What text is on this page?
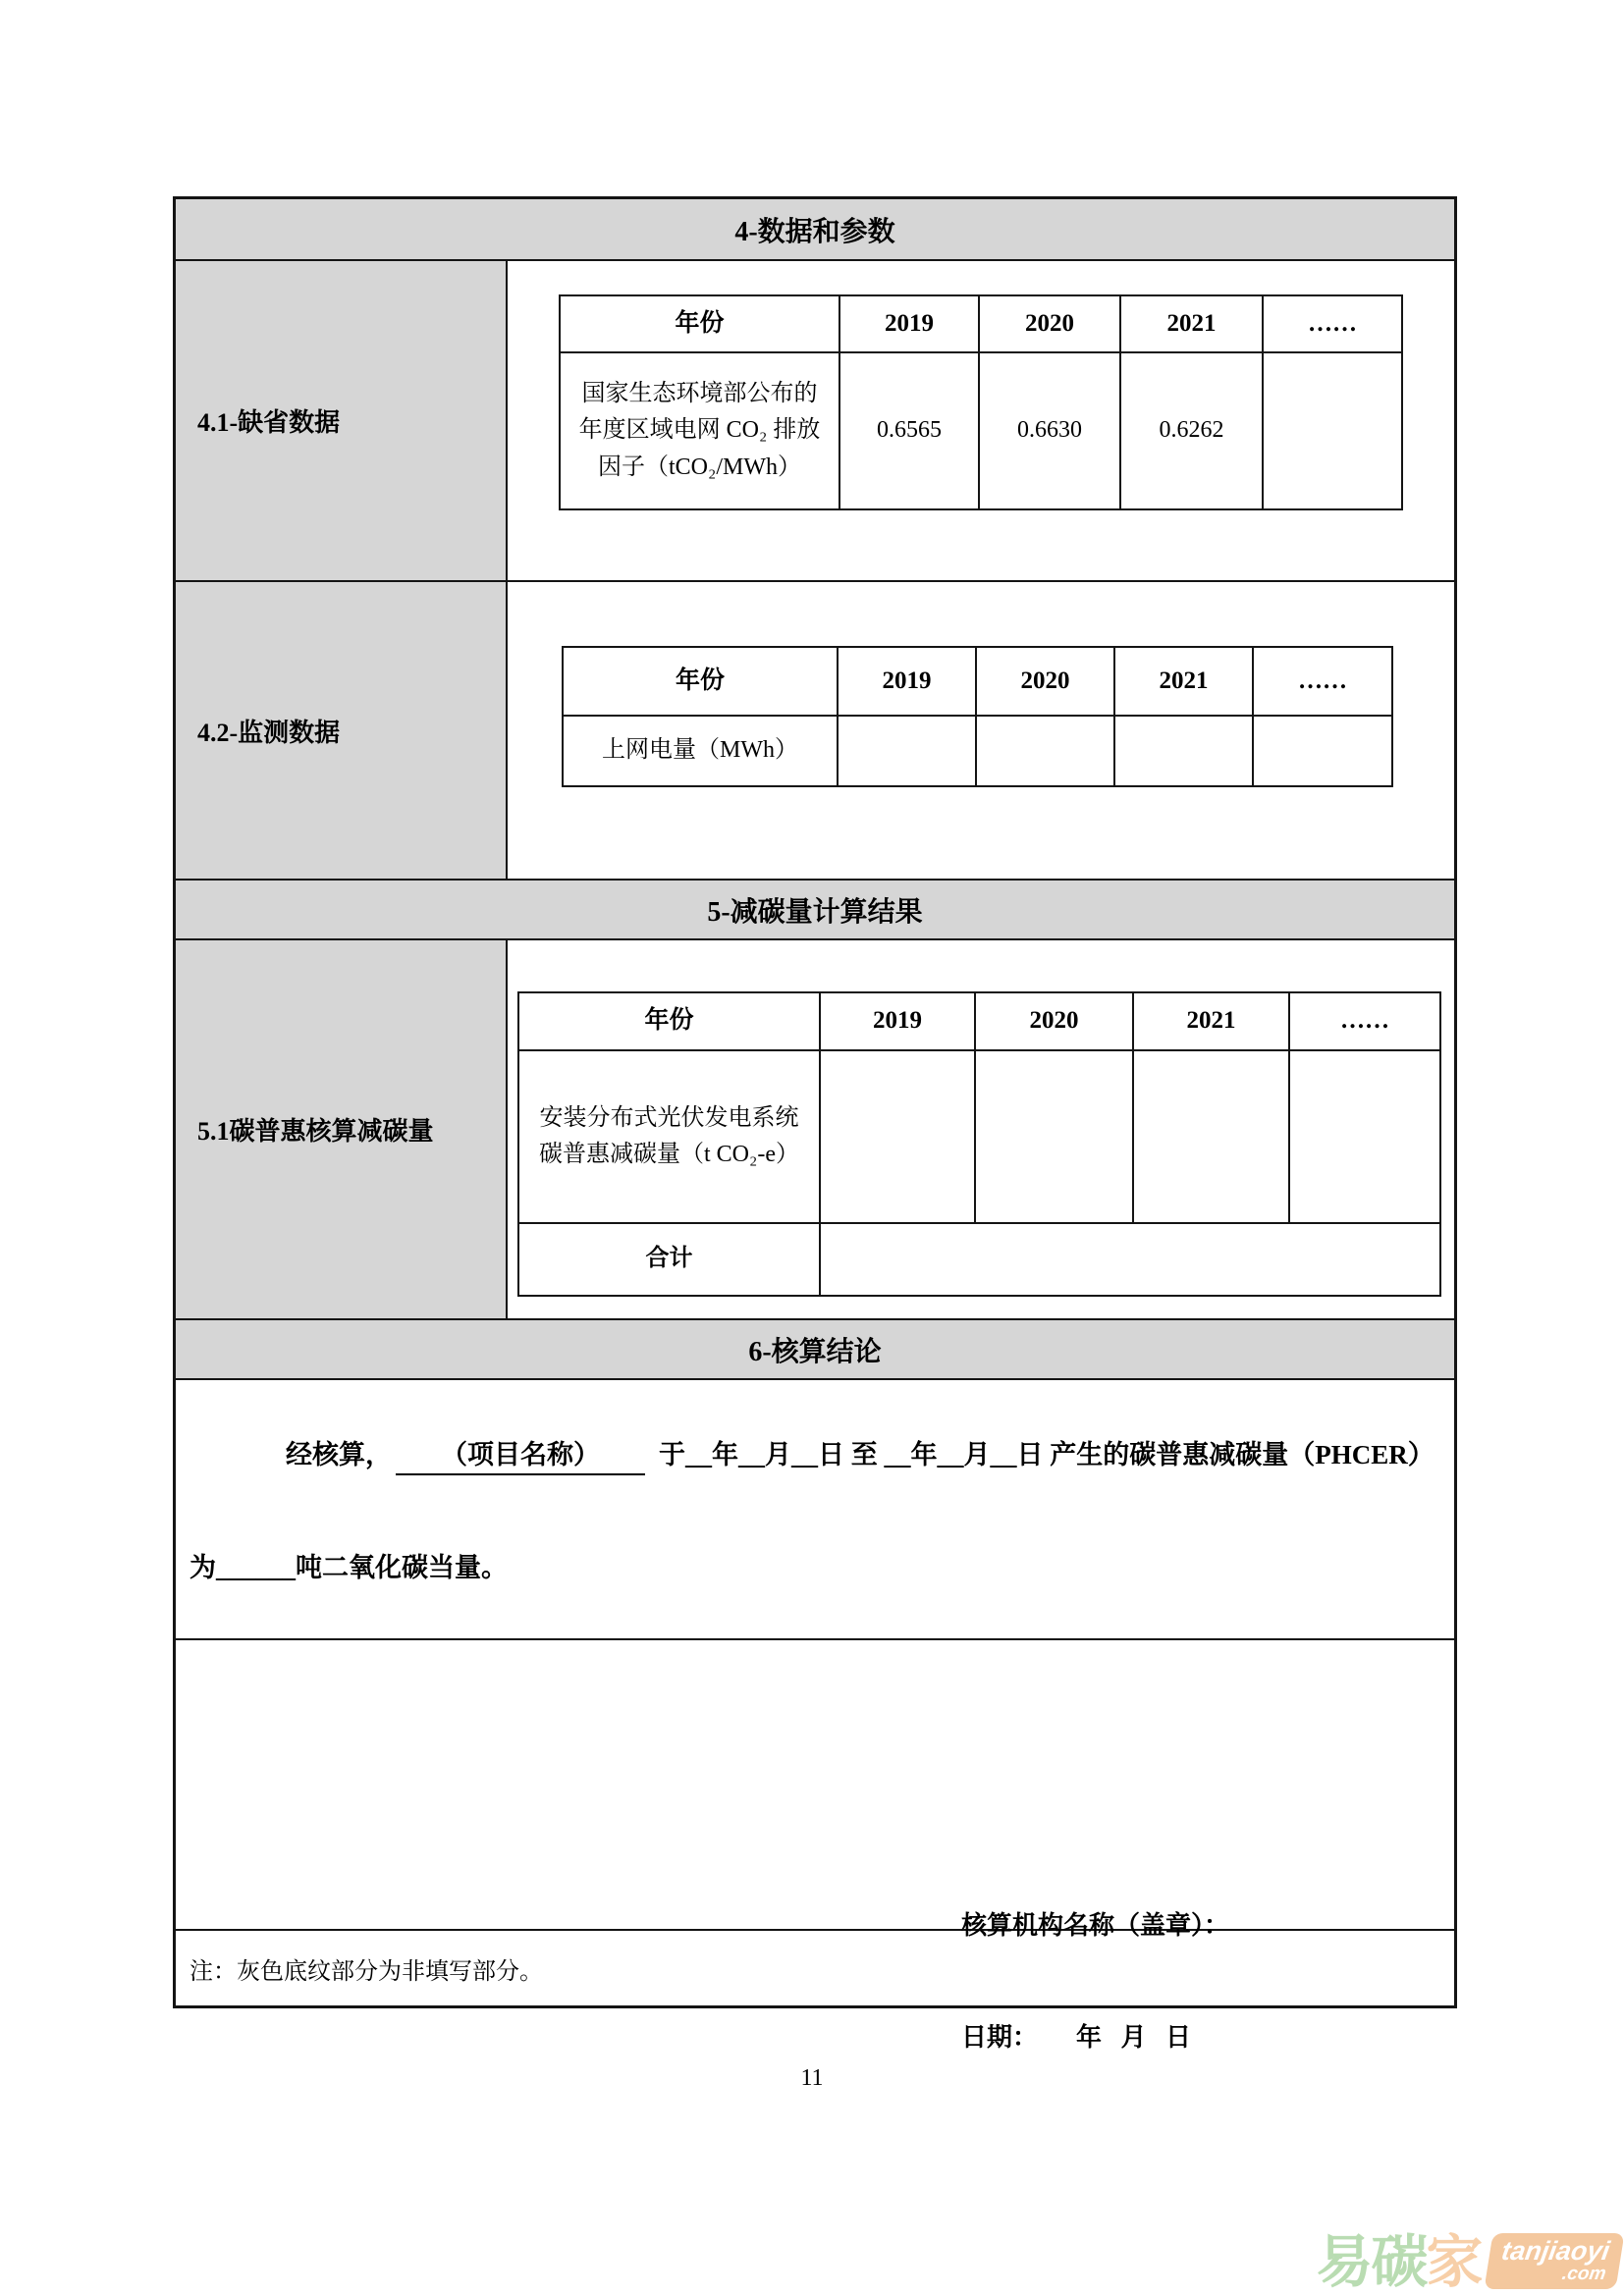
4-数据和参数
4.1-缺省数据
年份	2019	2020	2021	……
国家生态环境部公布的年度区域电网 CO₂ 排放因子（tCO₂/MWh）	0.6565	0.6630	0.6262	
4.2-监测数据
年份	2019	2020	2021	……
上网电量（MWh）				
5-减碳量计算结果
5.1碳普惠核算减碳量
年份	2019	2020	2021	……
安装分布式光伏发电系统碳普惠减碳量（t CO₂-e）				
合计				
6-核算结论
经核算， （项目名称） 于__年__月__日 至 __年__月__日 产生的碳普惠减碳量（PHCER）
为______吨二氧化碳当量。

核算机构名称（盖章）：

日期：      年   月   日

注：灰色底纹部分为非填写部分。
11
易 碳 家 tanjiaoyi
.com
